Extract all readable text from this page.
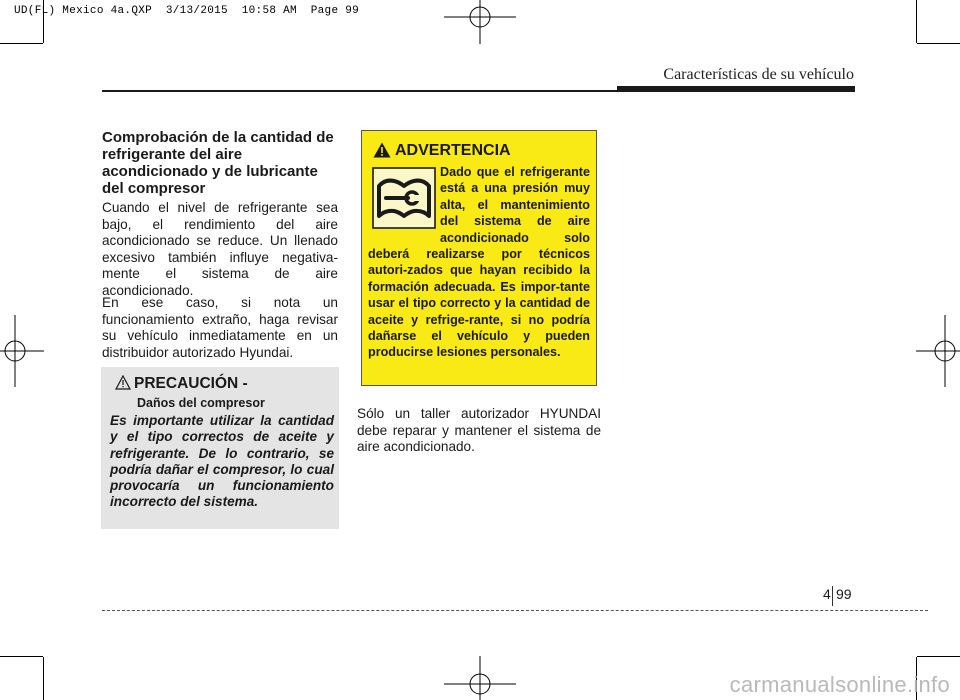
UD(FL) Mexico 4a.QXP  3/13/2015  10:58 AM  Page 99
Características de su vehículo
Comprobación de la cantidad de refrigerante del aire acondicionado y de lubricante del compresor
Cuando el nivel de refrigerante sea bajo, el rendimiento del aire acondicionado se reduce. Un llenado excesivo también influye negativa-mente el sistema de aire acondicionado.
En ese caso, si nota un funcionamiento extraño, haga revisar su vehículo inmediatamente en un distribuidor autorizado Hyundai.
PRECAUCIÓN -
Daños del compresor
Es importante utilizar la cantidad y el tipo correctos de aceite y refrigerante. De lo contrario, se podría dañar el compresor, lo cual provocaría un funcionamiento incorrecto del sistema.
ADVERTENCIA
Dado que el refrigerante está a una presión muy alta, el mantenimiento del sistema de aire acondicionado solo deberá realizarse por técnicos autori-zados que hayan recibido la formación adecuada. Es impor-tante usar el tipo correcto y la cantidad de aceite y refrige-rante, si no podría dañarse el vehículo y pueden producirse lesiones personales.
Sólo un taller autorizador HYUNDAI debe reparar y mantener el sistema de aire acondicionado.
4 99
carmanualsonline.info
